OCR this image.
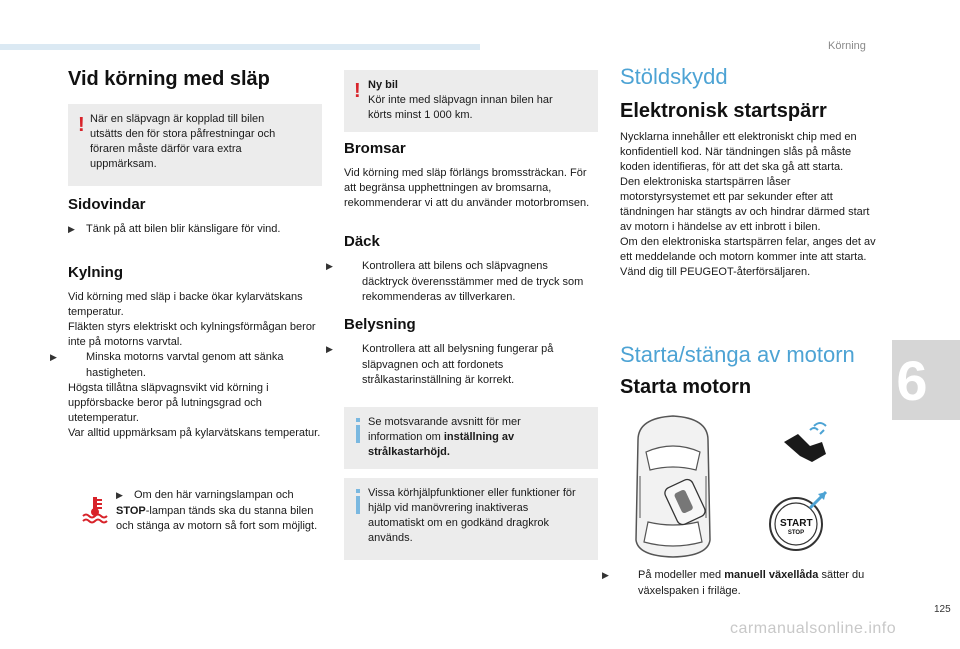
Körning
6
125
carmanualsonline.info
Vid körning med släp
! När en släpvagn är kopplad till bilen utsätts den för stora påfrestningar och föraren måste därför vara extra uppmärksam.
Sidovindar

▶ Tänk på att bilen blir känsligare för vind.

Kylning

Vid körning med släp i backe ökar kylarvätskans temperatur.

Fläkten styrs elektriskt och kylningsförmågan beror inte på motorns varvtal.

▶	Minska motorns varvtal genom att sänka hastigheten.

Högsta tillåtna släpvagnsvikt vid körning i uppförsbacke beror på lutningsgrad och utetemperatur.

Var alltid uppmärksam på kylarvätskans temperatur.

▶ Om den här varningslampan och STOP-lampan tänds ska du stanna bilen och stänga av motorn så fort som möjligt.

! Ny bil
Kör inte med släpvagn innan bilen har körts minst 1 000 km.
Bromsar

Vid körning med släp förlängs bromssträckan. För att begränsa upphettningen av bromsarna, rekommenderar vi att du använder motorbromsen.

Däck

▶	Kontrollera att bilens och släpvagnens däcktryck överensstämmer med de tryck som rekommenderas av tillverkaren.

Belysning

▶	Kontrollera att all belysning fungerar på släpvagnen och att fordonets strålkastarinställning är korrekt.

Se motsvarande avsnitt för mer information om inställning av strålkastarhöjd.
Vissa körhjälpfunktioner eller funktioner för hjälp vid manövrering inaktiveras automatiskt om en godkänd dragkrok används.
Stöldskydd
Elektronisk startspärr

Nycklarna innehåller ett elektroniskt chip med en konfidentiell kod. När tändningen slås på måste koden identifieras, för att det ska gå att starta.

Den elektroniska startspärren låser motorstyrsystemet ett par sekunder efter att tändningen har stängts av och hindrar därmed start av motorn i händelse av ett inbrott i bilen.

Om den elektroniska startspärren felar, anges det av ett meddelande och motorn kommer inte att starta.

Vänd dig till PEUGEOT-återförsäljaren.

Starta/stänga av motorn
Starta motorn
START
STOP

▶	På modeller med manuell växellåda sätter du växelspaken i friläge.
